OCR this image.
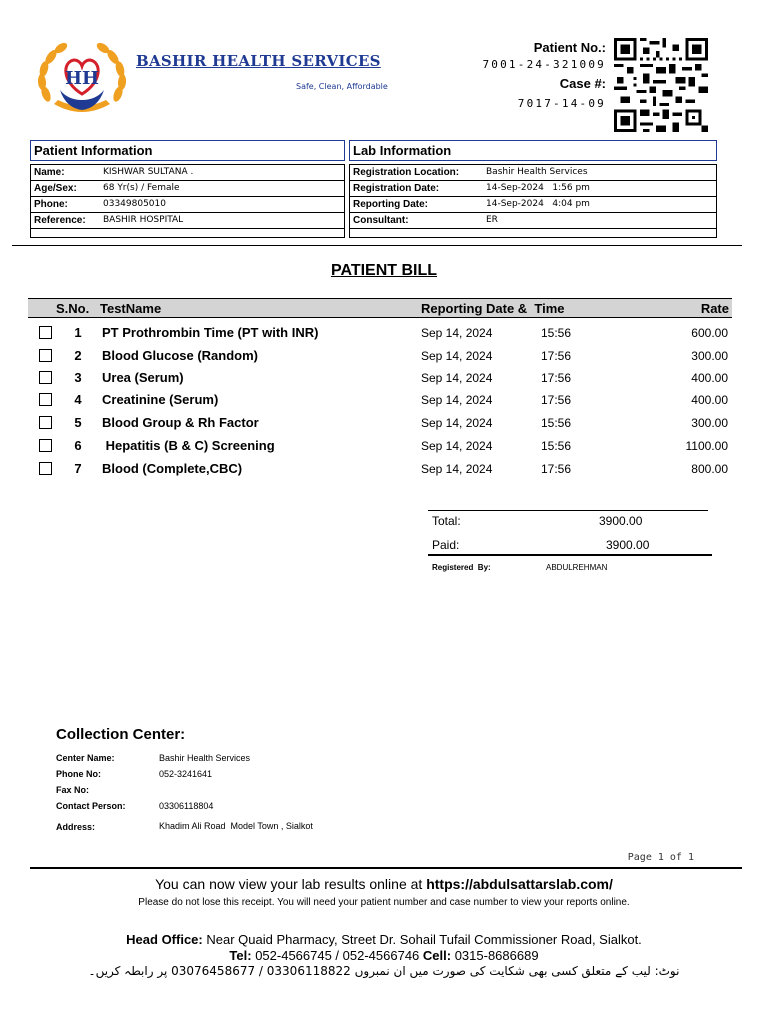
HH
BASHIR HEALTH SERVICES
Safe, Clean, Affordable
Patient No.:
7001-24-321009
Case #:
7017-14-09
Patient Information
Name:	KISHWAR SULTANA .
Age/Sex:	68 Yr(s) / Female
Phone:	03349805010
Reference: BASHIR HOSPITAL
Lab Information
Registration Location:	Bashir Health Services
Registration Date:	14-Sep-2024   1:56 pm
Reporting Date:	14-Sep-2024   4:04 pm
Consultant:	ER
PATIENT BILL
S.No. TestName	Reporting Date &  Time	Rate
1	PT Prothrombin Time (PT with INR)	Sep 14, 2024	15:56	600.00
2	Blood Glucose (Random)	Sep 14, 2024	17:56	300.00
3	Urea (Serum)	Sep 14, 2024	17:56	400.00
4	Creatinine (Serum)	Sep 14, 2024	17:56	400.00
5	Blood Group & Rh Factor	Sep 14, 2024	15:56	300.00
6	Hepatitis (B & C) Screening	Sep 14, 2024	15:56	1100.00
7	Blood (Complete,CBC)	Sep 14, 2024	17:56	800.00
Total:	3900.00
Paid:	3900.00
Registered  By:	ABDULREHMAN
Collection Center:
Center Name:	Bashir Health Services
Phone No:	052-3241641
Fax No:
Contact Person:	03306118804
Address:	Khadim Ali Road  Model Town , Sialkot
Page 1 of 1
You can now view your lab results online at https://abdulsattarslab.com/
Please do not lose this receipt. You will need your patient number and case number to view your reports online.
Head Office: Near Quaid Pharmacy, Street Dr. Sohail Tufail Commissioner Road, Sialkot.
Tel: 052-4566745 / 052-4566746 Cell: 0315-8686689
نوٹ: لیب کے متعلق کسی بھی شکایت کی صورت میں ان نمبروں 03306118822 / 03076458677 پر رابطہ کریں۔
